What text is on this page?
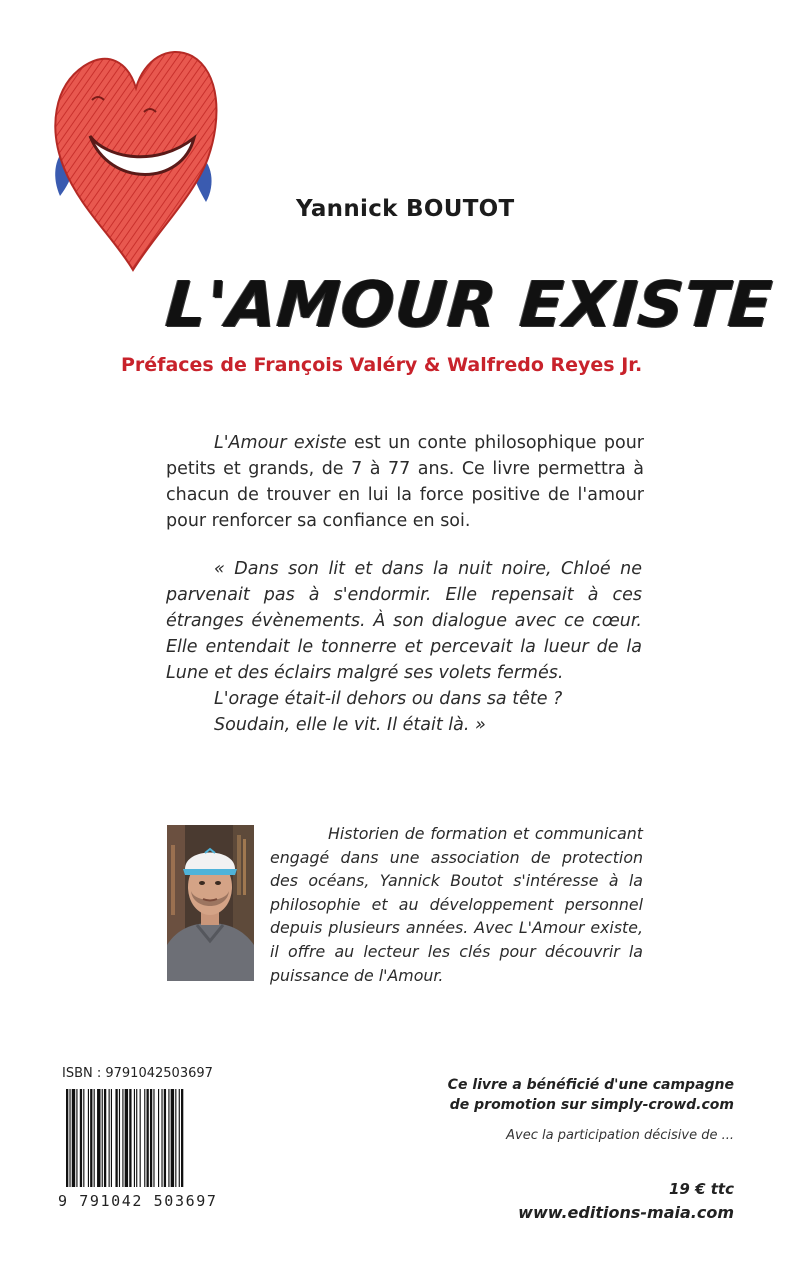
Yannick BOUTOT
L'AMOUR EXISTE
Préfaces de François Valéry & Walfredo Reyes Jr.

L'Amour existe est un conte philosophique pour petits et grands, de 7 à 77 ans. Ce livre permettra à chacun de trouver en lui la force positive de l'amour pour renforcer sa confiance en soi.

« Dans son lit et dans la nuit noire, Chloé ne parvenait pas à s'endormir. Elle repensait à ces étranges évènements. À son dialogue avec ce cœur. Elle entendait le tonnerre et percevait la lueur de la Lune et des éclairs malgré ses volets fermés.

L'orage était-il dehors ou dans sa tête ?

Soudain, elle le vit. Il était là. »

Historien de formation et communicant engagé dans une association de protection des océans, Yannick Boutot s'intéresse à la philosophie et au développement personnel depuis plusieurs années. Avec L'Amour existe, il offre au lecteur les clés pour découvrir la puissance de l'Amour.

ISBN : 9791042503697
9 791042 503697
Ce livre a bénéficié d'une campagne de promotion sur simply-crowd.com
Avec la participation décisive de ...
19 € ttc
www.editions-maia.com
